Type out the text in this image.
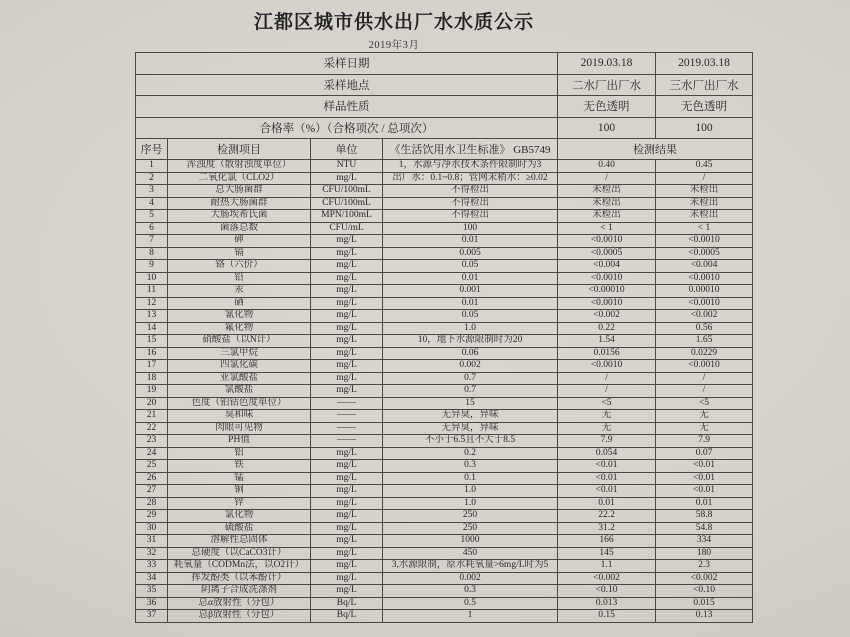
江都区城市供水出厂水水质公示
2019年3月
采样日期				2019.03.18	2019.03.18
采样地点				二水厂出厂水	三水厂出厂水
样品性质				无色透明	无色透明
合格率（%）（合格项次 / 总项次）				100	100
序号	检测项目	单位	《生活饮用水卫生标准》 GB5749	检测结果	
1	浑浊度（散射浊度单位）	NTU	1，水源与净水技术条件限制时为3	0.40	0.45
2	二氧化氯（CLO2）	mg/L	出厂水：0.1~0.8；管网末稍水：≥0.02	/	/
3	总大肠菌群	CFU/100mL	不得检出	未检出	未检出
4	耐热大肠菌群	CFU/100mL	不得检出	未检出	未检出
5	大肠埃希氏菌	MPN/100mL	不得检出	未检出	未检出
6	菌落总数	CFU/mL	100	< 1	< 1
7	砷	mg/L	0.01	<0.0010	<0.0010
8	镉	mg/L	0.005	<0.0005	<0.0005
9	铬（六价）	mg/L	0.05	<0.004	<0.004
10	铅	mg/L	0.01	<0.0010	<0.0010
11	汞	mg/L	0.001	<0.00010	0.00010
12	硒	mg/L	0.01	<0.0010	<0.0010
13	氰化物	mg/L	0.05	<0.002	<0.002
14	氟化物	mg/L	1.0	0.22	0.56
15	硝酸盐（以N计）	mg/L	10，地下水源限制时为20	1.54	1.65
16	三氯甲烷	mg/L	0.06	0.0156	0.0229
17	四氯化碳	mg/L	0.002	<0.0010	<0.0010
18	亚氯酸盐	mg/L	0.7	/	/
19	氯酸盐	mg/L	0.7	/	/
20	色度（铂钴色度单位）	——	15	<5	<5
21	臭和味	——	无异臭，异味	无	无
22	肉眼可见物	——	无异臭，异味	无	无
23	PH值	——	不小于6.5且不大于8.5	7.9	7.9
24	铝	mg/L	0.2	0.054	0.07
25	铁	mg/L	0.3	<0.01	<0.01
26	锰	mg/L	0.1	<0.01	<0.01
27	铜	mg/L	1.0	<0.01	<0.01
28	锌	mg/L	1.0	0.01	0.01
29	氯化物	mg/L	250	22.2	58.8
30	硫酸盐	mg/L	250	31.2	54.8
31	溶解性总固体	mg/L	1000	166	334
32	总硬度（以CaCO3计）	mg/L	450	145	180
33	耗氧量（CODMn法，以O2计）	mg/L	3,水源限制，原水耗氧量>6mg/L时为5	1.1	2.3
34	挥发酚类（以苯酚计）	mg/L	0.002	<0.002	<0.002
35	阴离子合成洗涤剂	mg/L	0.3	<0.10	<0.10
36	总α放射性（分包）	Bq/L	0.5	0.013	0.015
37	总β放射性（分包）	Bq/L	1	0.15	0.13
